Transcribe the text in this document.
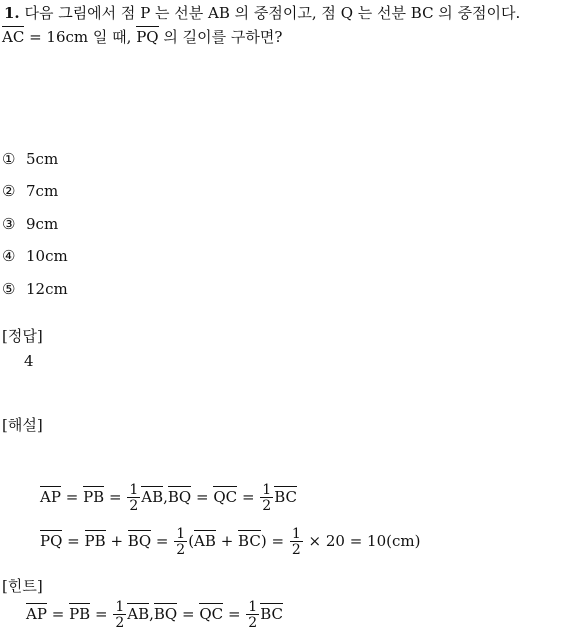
1. 다음 그림에서 점 P 는 선분 AB 의 중점이고, 점 Q 는 선분 BC 의 중점이다.
AC = 16cm 일 때, PQ 의 길이를 구하면?
① 5cm
② 7cm
③ 9cm
④ 10cm
⑤ 12cm
[정답]
4
[해설]
AP = PB = $\frac{1}{2} AB,BQ$ = QC = $\frac{1}{2}$ BC
PQ = PB + BQ = $\frac{1}{2} (AB + BC) = \frac{1}{2} \times 20 = 10(cm)$
[힌트]
AP = PB = $\frac{1}{2} AB,BQ$ = QC = $\frac{1}{2}$ BC
